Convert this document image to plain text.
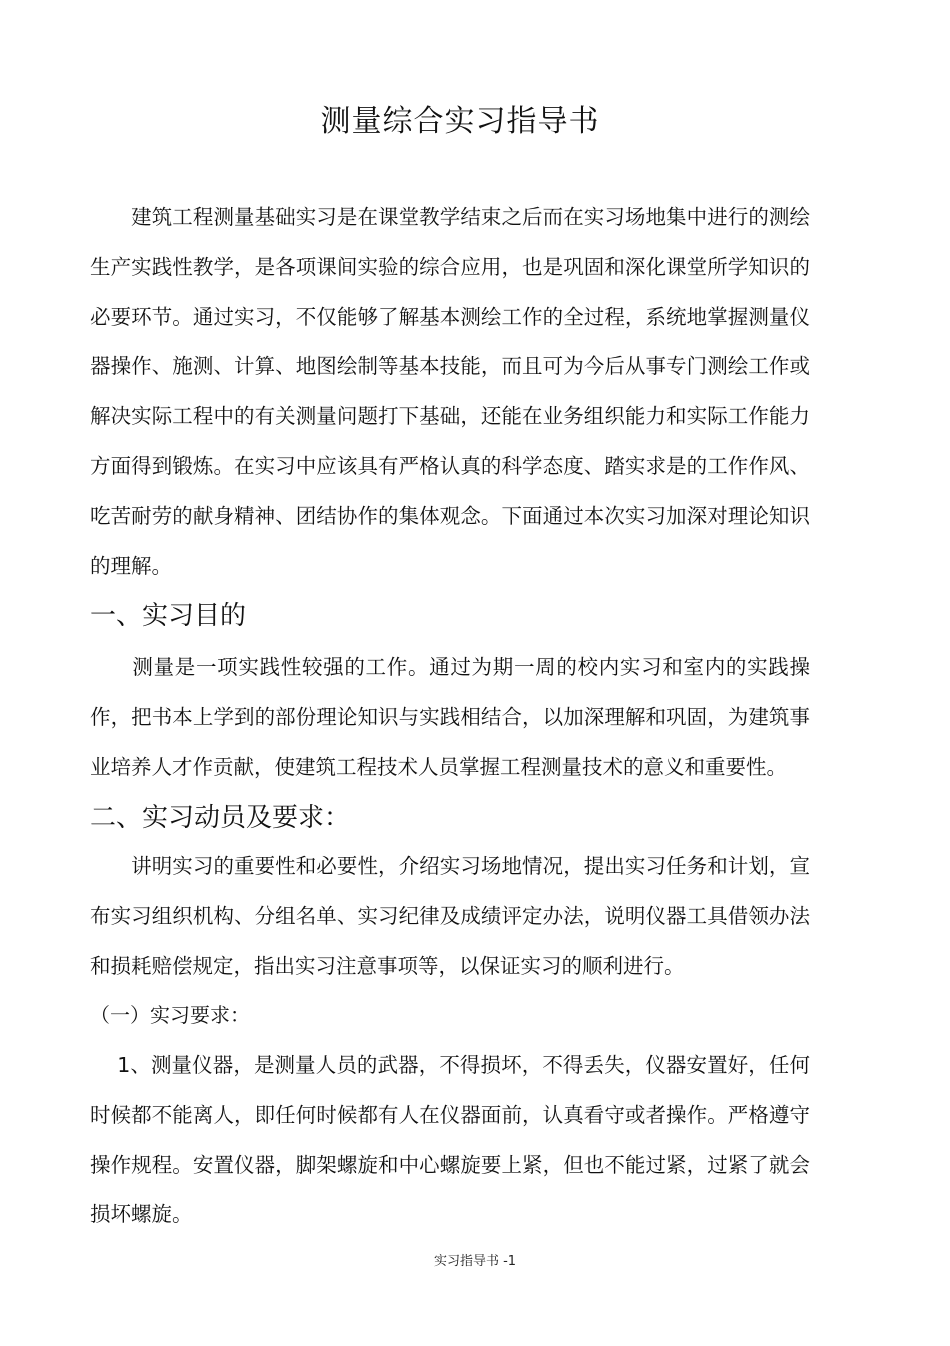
测量综合实习指导书
　　建筑工程测量基础实习是在课堂教学结束之后而在实习场地集中进行的测绘生产实践性教学，是各项课间实验的综合应用，也是巩固和深化课堂所学知识的必要环节。通过实习，不仅能够了解基本测绘工作的全过程，系统地掌握测量仪器操作、施测、计算、地图绘制等基本技能，而且可为今后从事专门测绘工作或解决实际工程中的有关测量问题打下基础，还能在业务组织能力和实际工作能力方面得到锻炼。在实习中应该具有严格认真的科学态度、踏实求是的工作作风、吃苦耐劳的献身精神、团结协作的集体观念。下面通过本次实习加深对理论知识的理解。
一、实习目的
　　测量是一项实践性较强的工作。通过为期一周的校内实习和室内的实践操作，把书本上学到的部份理论知识与实践相结合，以加深理解和巩固，为建筑事业培养人才作贡献，使建筑工程技术人员掌握工程测量技术的意义和重要性。
二、实习动员及要求：
　　讲明实习的重要性和必要性，介绍实习场地情况，提出实习任务和计划，宣布实习组织机构、分组名单、实习纪律及成绩评定办法，说明仪器工具借领办法和损耗赔偿规定，指出实习注意事项等，以保证实习的顺利进行。
（一）实习要求：
　 1、测量仪器，是测量人员的武器，不得损坏，不得丢失，仪器安置好，任何时候都不能离人，即任何时候都有人在仪器面前，认真看守或者操作。严格遵守操作规程。安置仪器，脚架螺旋和中心螺旋要上紧，但也不能过紧，过紧了就会损坏螺旋。
实习指导书 -1
